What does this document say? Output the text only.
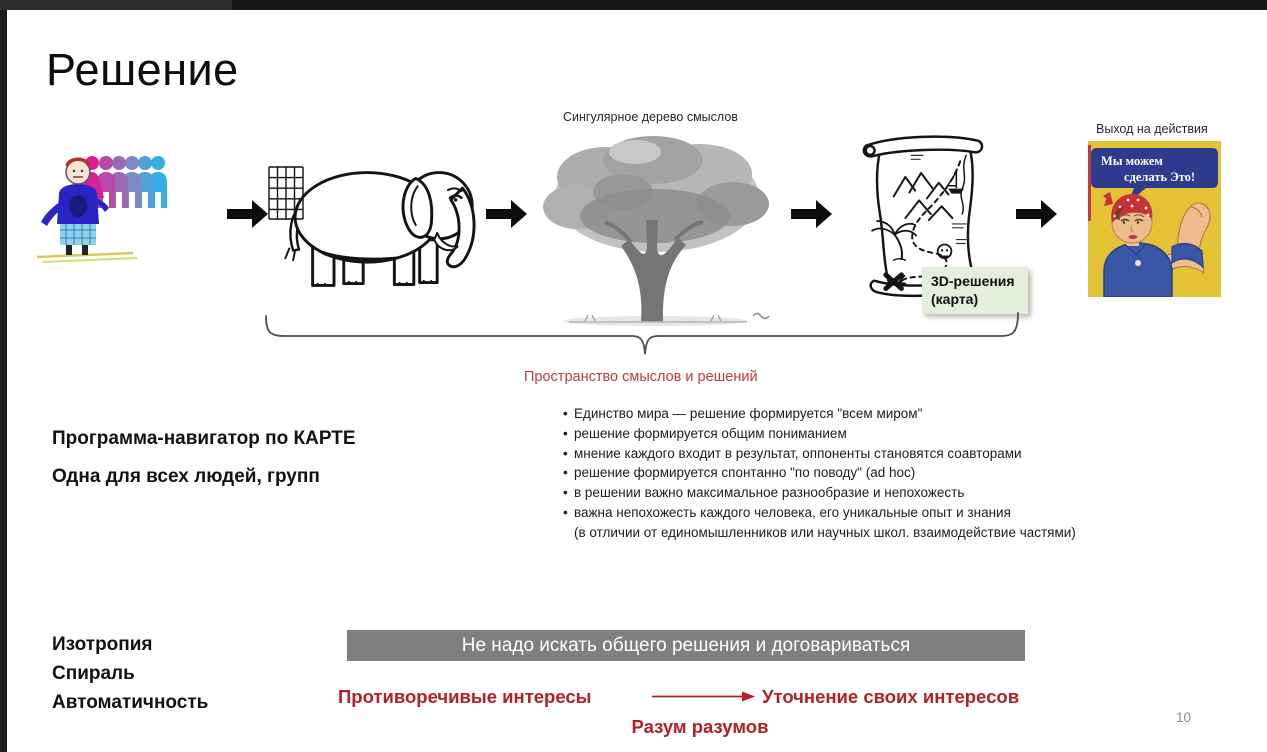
Решение
Сингулярное дерево смыслов
Выход на действия
Мы можем
сделать Это!
3D-решения
(карта)
Пространство смыслов и решений
Программа-навигатор по КАРТЕ
Одна для всех людей, групп
• Единство мира — решение формируется "всем миром"
• решение формируется общим пониманием
• мнение каждого входит в результат, оппоненты становятся соавторами
• решение формируется спонтанно "по поводу" (ad hoc)
• в решении важно максимальное разнообразие и непохожесть
• важна непохожесть каждого человека, его уникальные опыт и знания
(в отличии от единомышленников или научных школ. взаимодействие частями)
Изотропия
Спираль
Автоматичность
Не надо искать общего решения и договариваться
Противоречивые интересы	Уточнение своих интересов
Разум разумов	10
